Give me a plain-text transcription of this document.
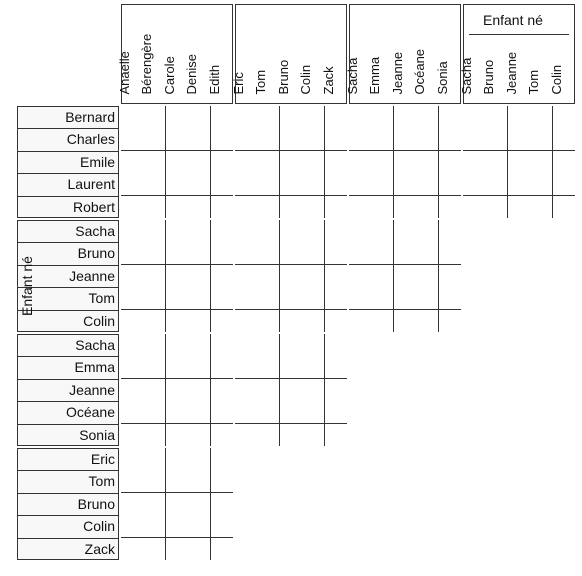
Anaelle Bérengère Carole Denise Edith Eric Tom Bruno Colin Zack Sacha Emma Jeanne Océane Sonia
Enfant né
Sacha Bruno Jeanne Tom Colin
Bernard
Charles
Emile
Laurent
Robert
Sacha
Bruno
Jeanne
Tom
Colin
Enfant né
Sacha
Emma
Jeanne
Océane
Sonia
Eric
Tom
Bruno
Colin
Zack
